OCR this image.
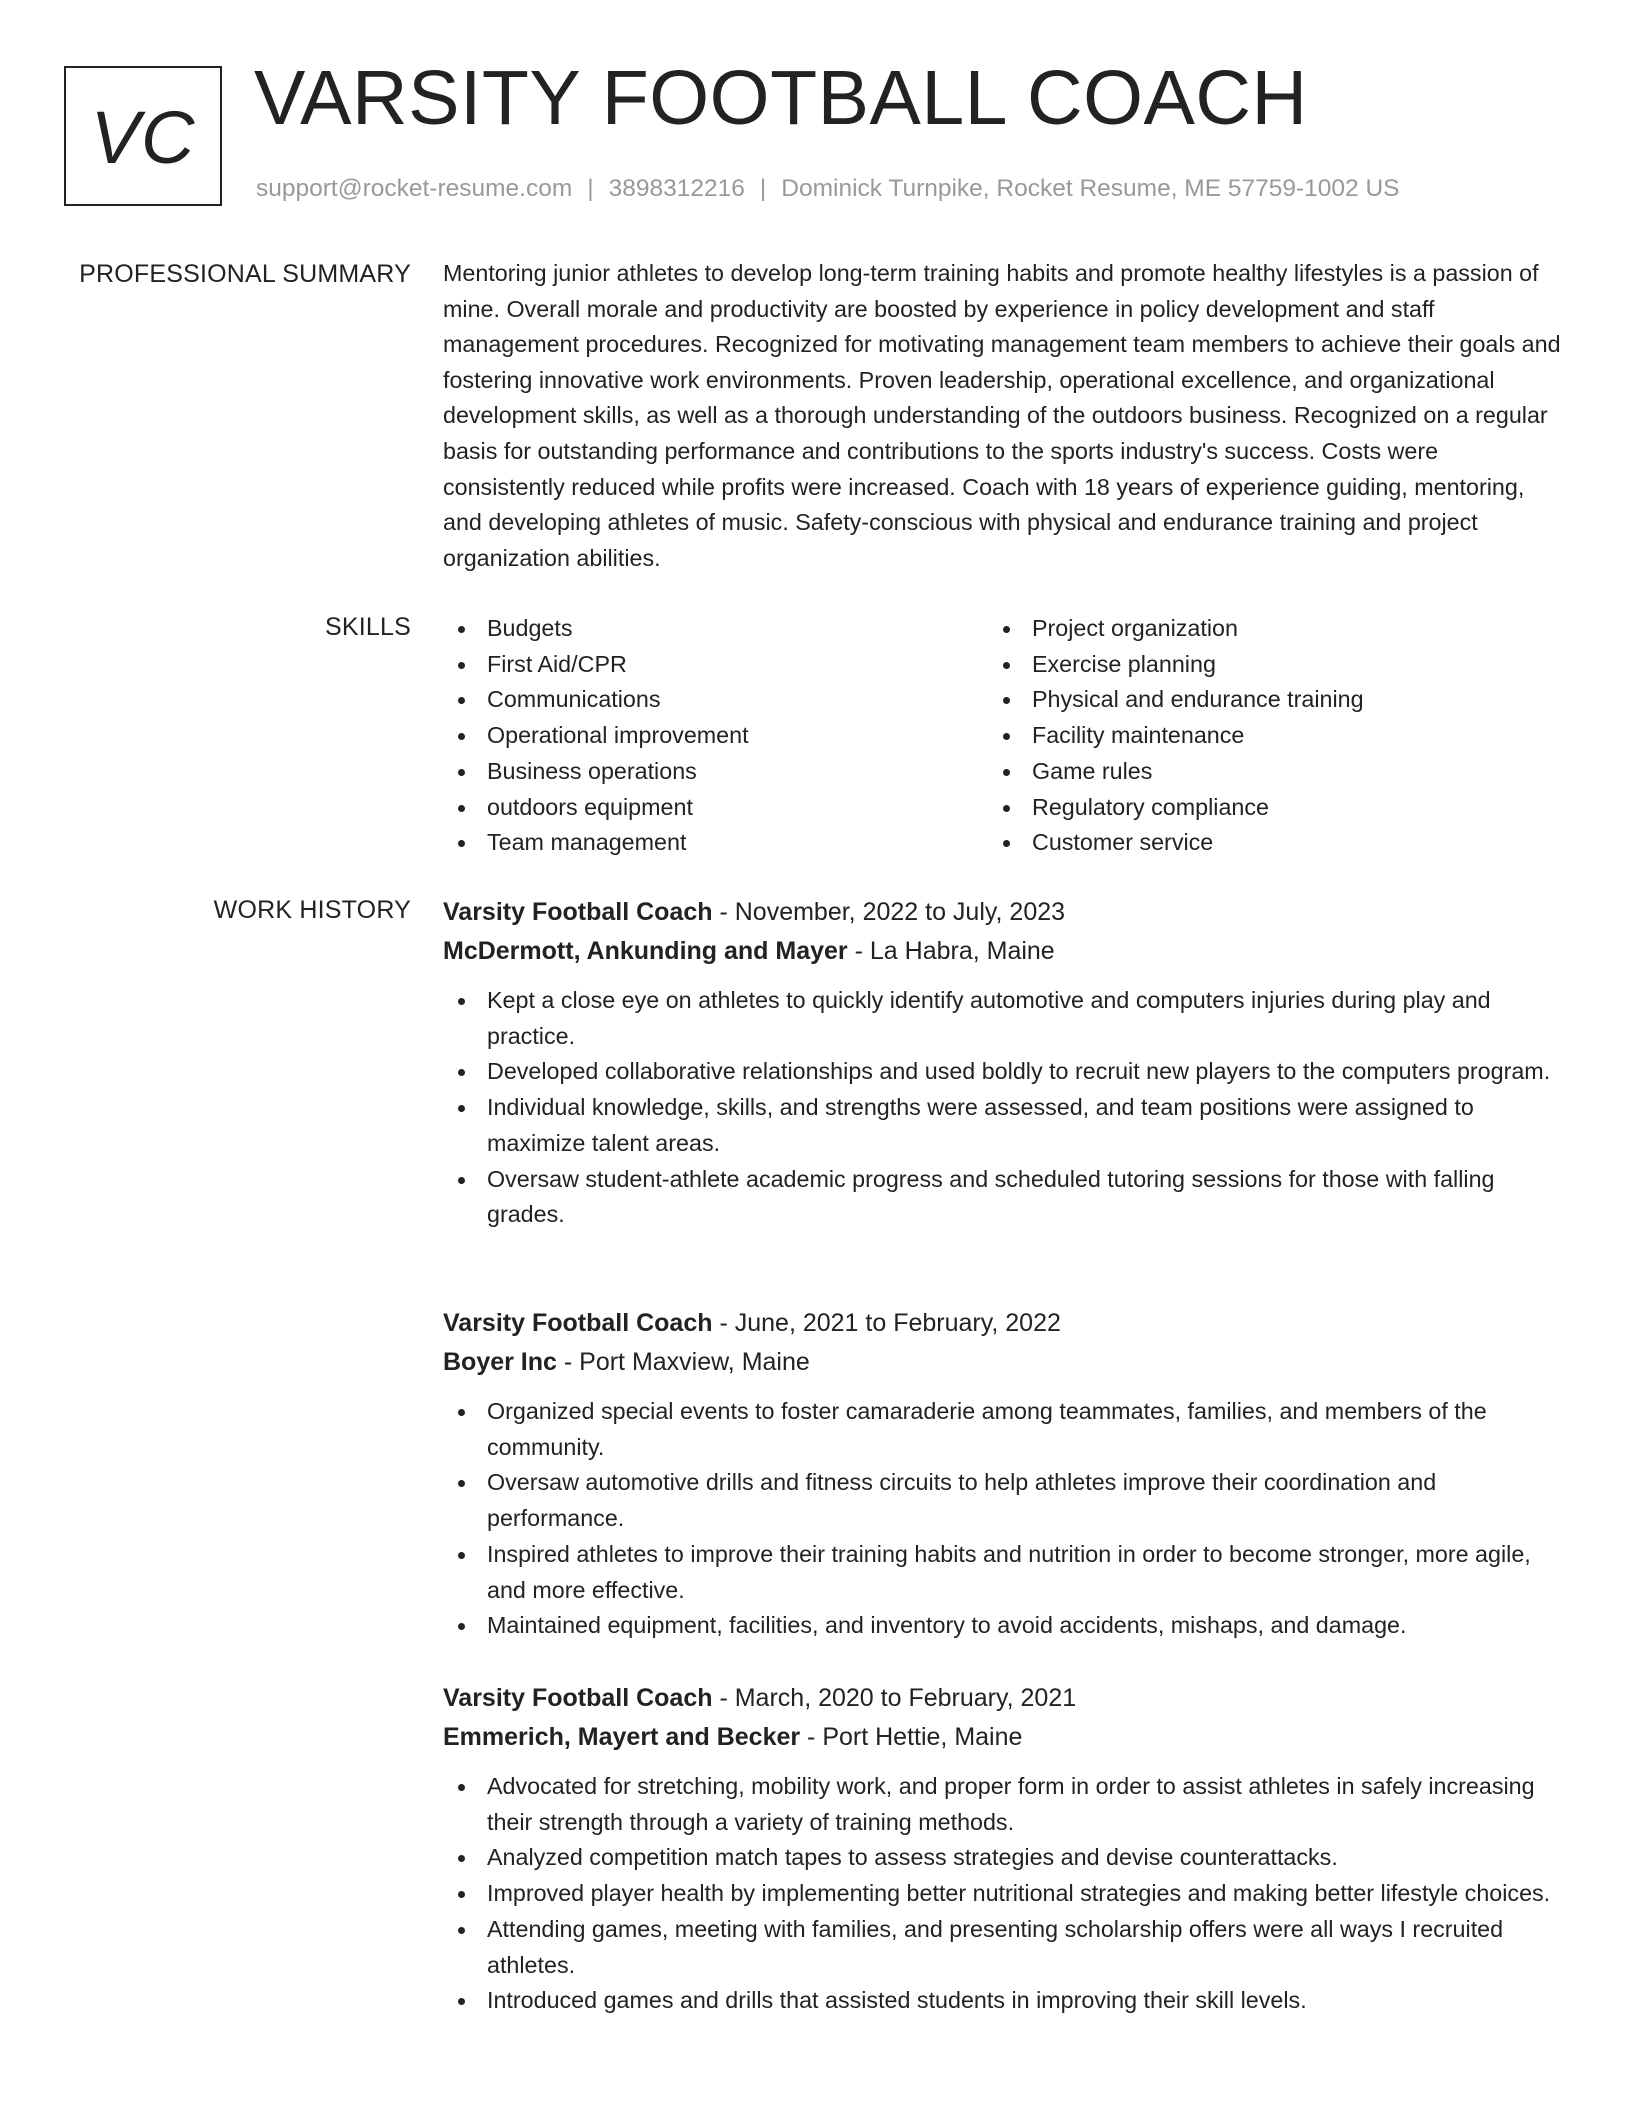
VC VARSITY FOOTBALL COACH
support@rocket-resume.com | 3898312216 | Dominick Turnpike, Rocket Resume, ME 57759-1002 US
PROFESSIONAL SUMMARY Mentoring junior athletes to develop long-term training habits and promote healthy lifestyles is a passion of mine. Overall morale and productivity are boosted by experience in policy development and staff management procedures. Recognized for motivating management team members to achieve their goals and fostering innovative work environments. Proven leadership, operational excellence, and organizational development skills, as well as a thorough understanding of the outdoors business. Recognized on a regular basis for outstanding performance and contributions to the sports industry's success. Costs were consistently reduced while profits were increased. Coach with 18 years of experience guiding, mentoring, and developing athletes of music. Safety-conscious with physical and endurance training and project organization abilities.

SKILLS	Budgets
First Aid/CPR
Communications
Operational improvement
Business operations
outdoors equipment
Team management
Project organization
Exercise planning
Physical and endurance training
Facility maintenance
Game rules
Regulatory compliance
Customer service
WORK HISTORY Varsity Football Coach - November, 2022 to July, 2023
McDermott, Ankunding and Mayer - La Habra, Maine
Kept a close eye on athletes to quickly identify automotive and computers injuries during play and practice.
Developed collaborative relationships and used boldly to recruit new players to the computers program.
Individual knowledge, skills, and strengths were assessed, and team positions were assigned to maximize talent areas.
Oversaw student-athlete academic progress and scheduled tutoring sessions for those with falling grades.
Varsity Football Coach - June, 2021 to February, 2022
Boyer Inc - Port Maxview, Maine
Organized special events to foster camaraderie among teammates, families, and members of the community.
Oversaw automotive drills and fitness circuits to help athletes improve their coordination and performance.
Inspired athletes to improve their training habits and nutrition in order to become stronger, more agile, and more effective.
Maintained equipment, facilities, and inventory to avoid accidents, mishaps, and damage.
Varsity Football Coach - March, 2020 to February, 2021
Emmerich, Mayert and Becker - Port Hettie, Maine
Advocated for stretching, mobility work, and proper form in order to assist athletes in safely increasing their strength through a variety of training methods.
Analyzed competition match tapes to assess strategies and devise counterattacks.
Improved player health by implementing better nutritional strategies and making better lifestyle choices.
Attending games, meeting with families, and presenting scholarship offers were all ways I recruited athletes.
Introduced games and drills that assisted students in improving their skill levels.
